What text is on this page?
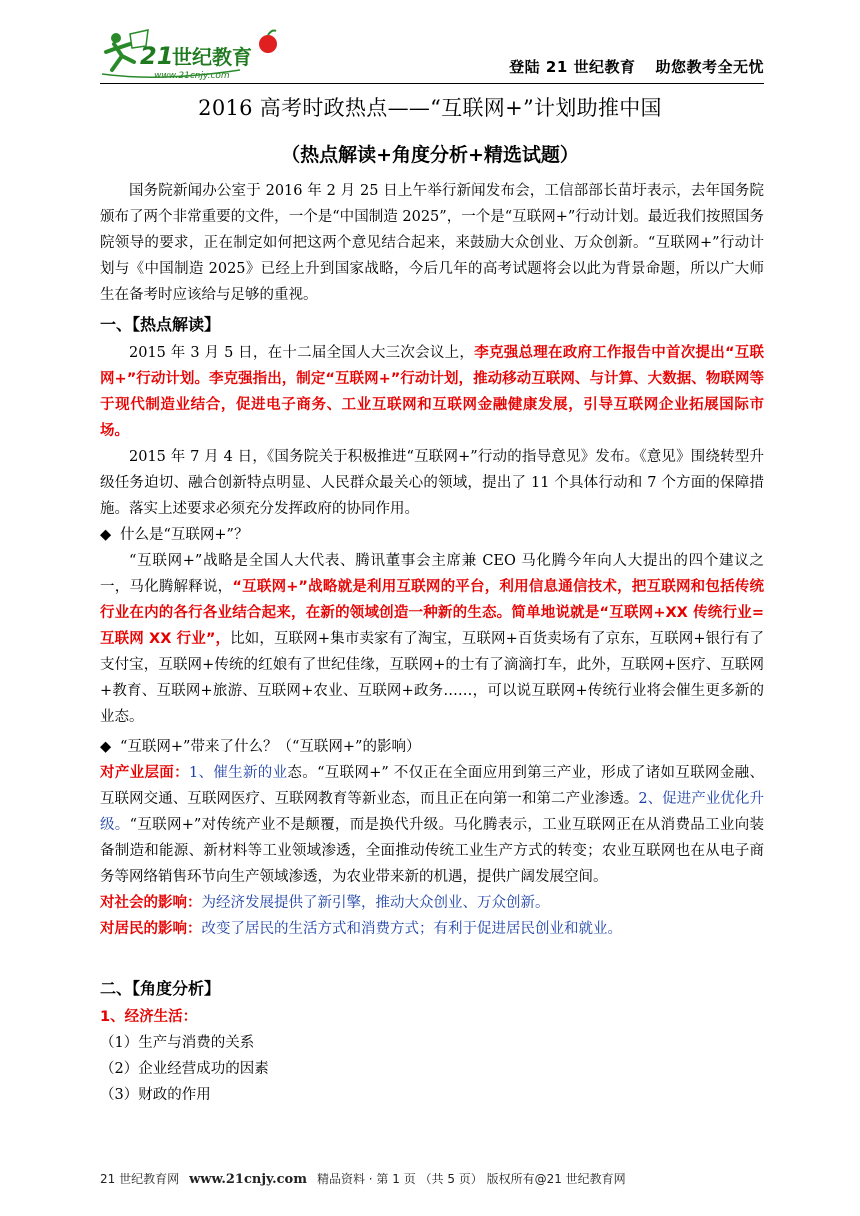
21
世纪教育
www.21cnjy.com	登陆 21 世纪教育 助您教考全无忧
2016 高考时政热点——“互联网+”计划助推中国
（热点解读+角度分析+精选试题）

国务院新闻办公室于 2016 年 2 月 25 日上午举行新闻发布会，工信部部长苗圩表示，去年国务院颁布了两个非常重要的文件，一个是“中国制造 2025”，一个是“互联网+”行动计划。最近我们按照国务院领导的要求，正在制定如何把这两个意见结合起来，来鼓励大众创业、万众创新。“互联网+”行动计划与《中国制造 2025》已经上升到国家战略，今后几年的高考试题将会以此为背景命题，所以广大师生在备考时应该给与足够的重视。

一、【热点解读】

2015 年 3 月 5 日，在十二届全国人大三次会议上，李克强总理在政府工作报告中首次提出“互联网+”行动计划。李克强指出，制定“互联网+”行动计划，推动移动互联网、与计算、大数据、物联网等于现代制造业结合，促进电子商务、工业互联网和互联网金融健康发展，引导互联网企业拓展国际市场。

2015 年 7 月 4 日，《国务院关于积极推进“互联网+”行动的指导意见》发布。《意见》围绕转型升级任务迫切、融合创新特点明显、人民群众最关心的领域，提出了 11 个具体行动和 7 个方面的保障措施。落实上述要求必须充分发挥政府的协同作用。

◆ 什么是“互联网+”？

“互联网+”战略是全国人大代表、腾讯董事会主席兼 CEO 马化腾今年向人大提出的四个建议之一，马化腾解释说，“互联网+”战略就是利用互联网的平台，利用信息通信技术，把互联网和包括传统行业在内的各行各业结合起来，在新的领域创造一种新的生态。简单地说就是“互联网+XX 传统行业=互联网 XX 行业”，比如，互联网+集市卖家有了淘宝，互联网+百货卖场有了京东，互联网+银行有了支付宝，互联网+传统的红娘有了世纪佳缘，互联网+的士有了滴滴打车，此外，互联网+医疗、互联网+教育、互联网+旅游、互联网+农业、互联网+政务……，可以说互联网+传统行业将会催生更多新的业态。

◆ “互联网+”带来了什么？（“互联网+”的影响）

对产业层面：1、催生新的业态。“互联网+” 不仅正在全面应用到第三产业，形成了诸如互联网金融、互联网交通、互联网医疗、互联网教育等新业态，而且正在向第一和第二产业渗透。2、促进产业优化升级。“互联网+”对传统产业不是颠覆，而是换代升级。马化腾表示，工业互联网正在从消费品工业向装备制造和能源、新材料等工业领域渗透，全面推动传统工业生产方式的转变；农业互联网也在从电子商务等网络销售环节向生产领域渗透，为农业带来新的机遇，提供广阔发展空间。

对社会的影响：为经济发展提供了新引擎，推动大众创业、万众创新。

对居民的影响：改变了居民的生活方式和消费方式；有利于促进居民创业和就业。

二、【角度分析】
1、经济生活：

（1）生产与消费的关系

（2）企业经营成功的因素

（3）财政的作用

21 世纪教育网 www.21cnjy.com 精品资料 · 第 1 页 （共 5 页） 版权所有@21 世纪教育网
